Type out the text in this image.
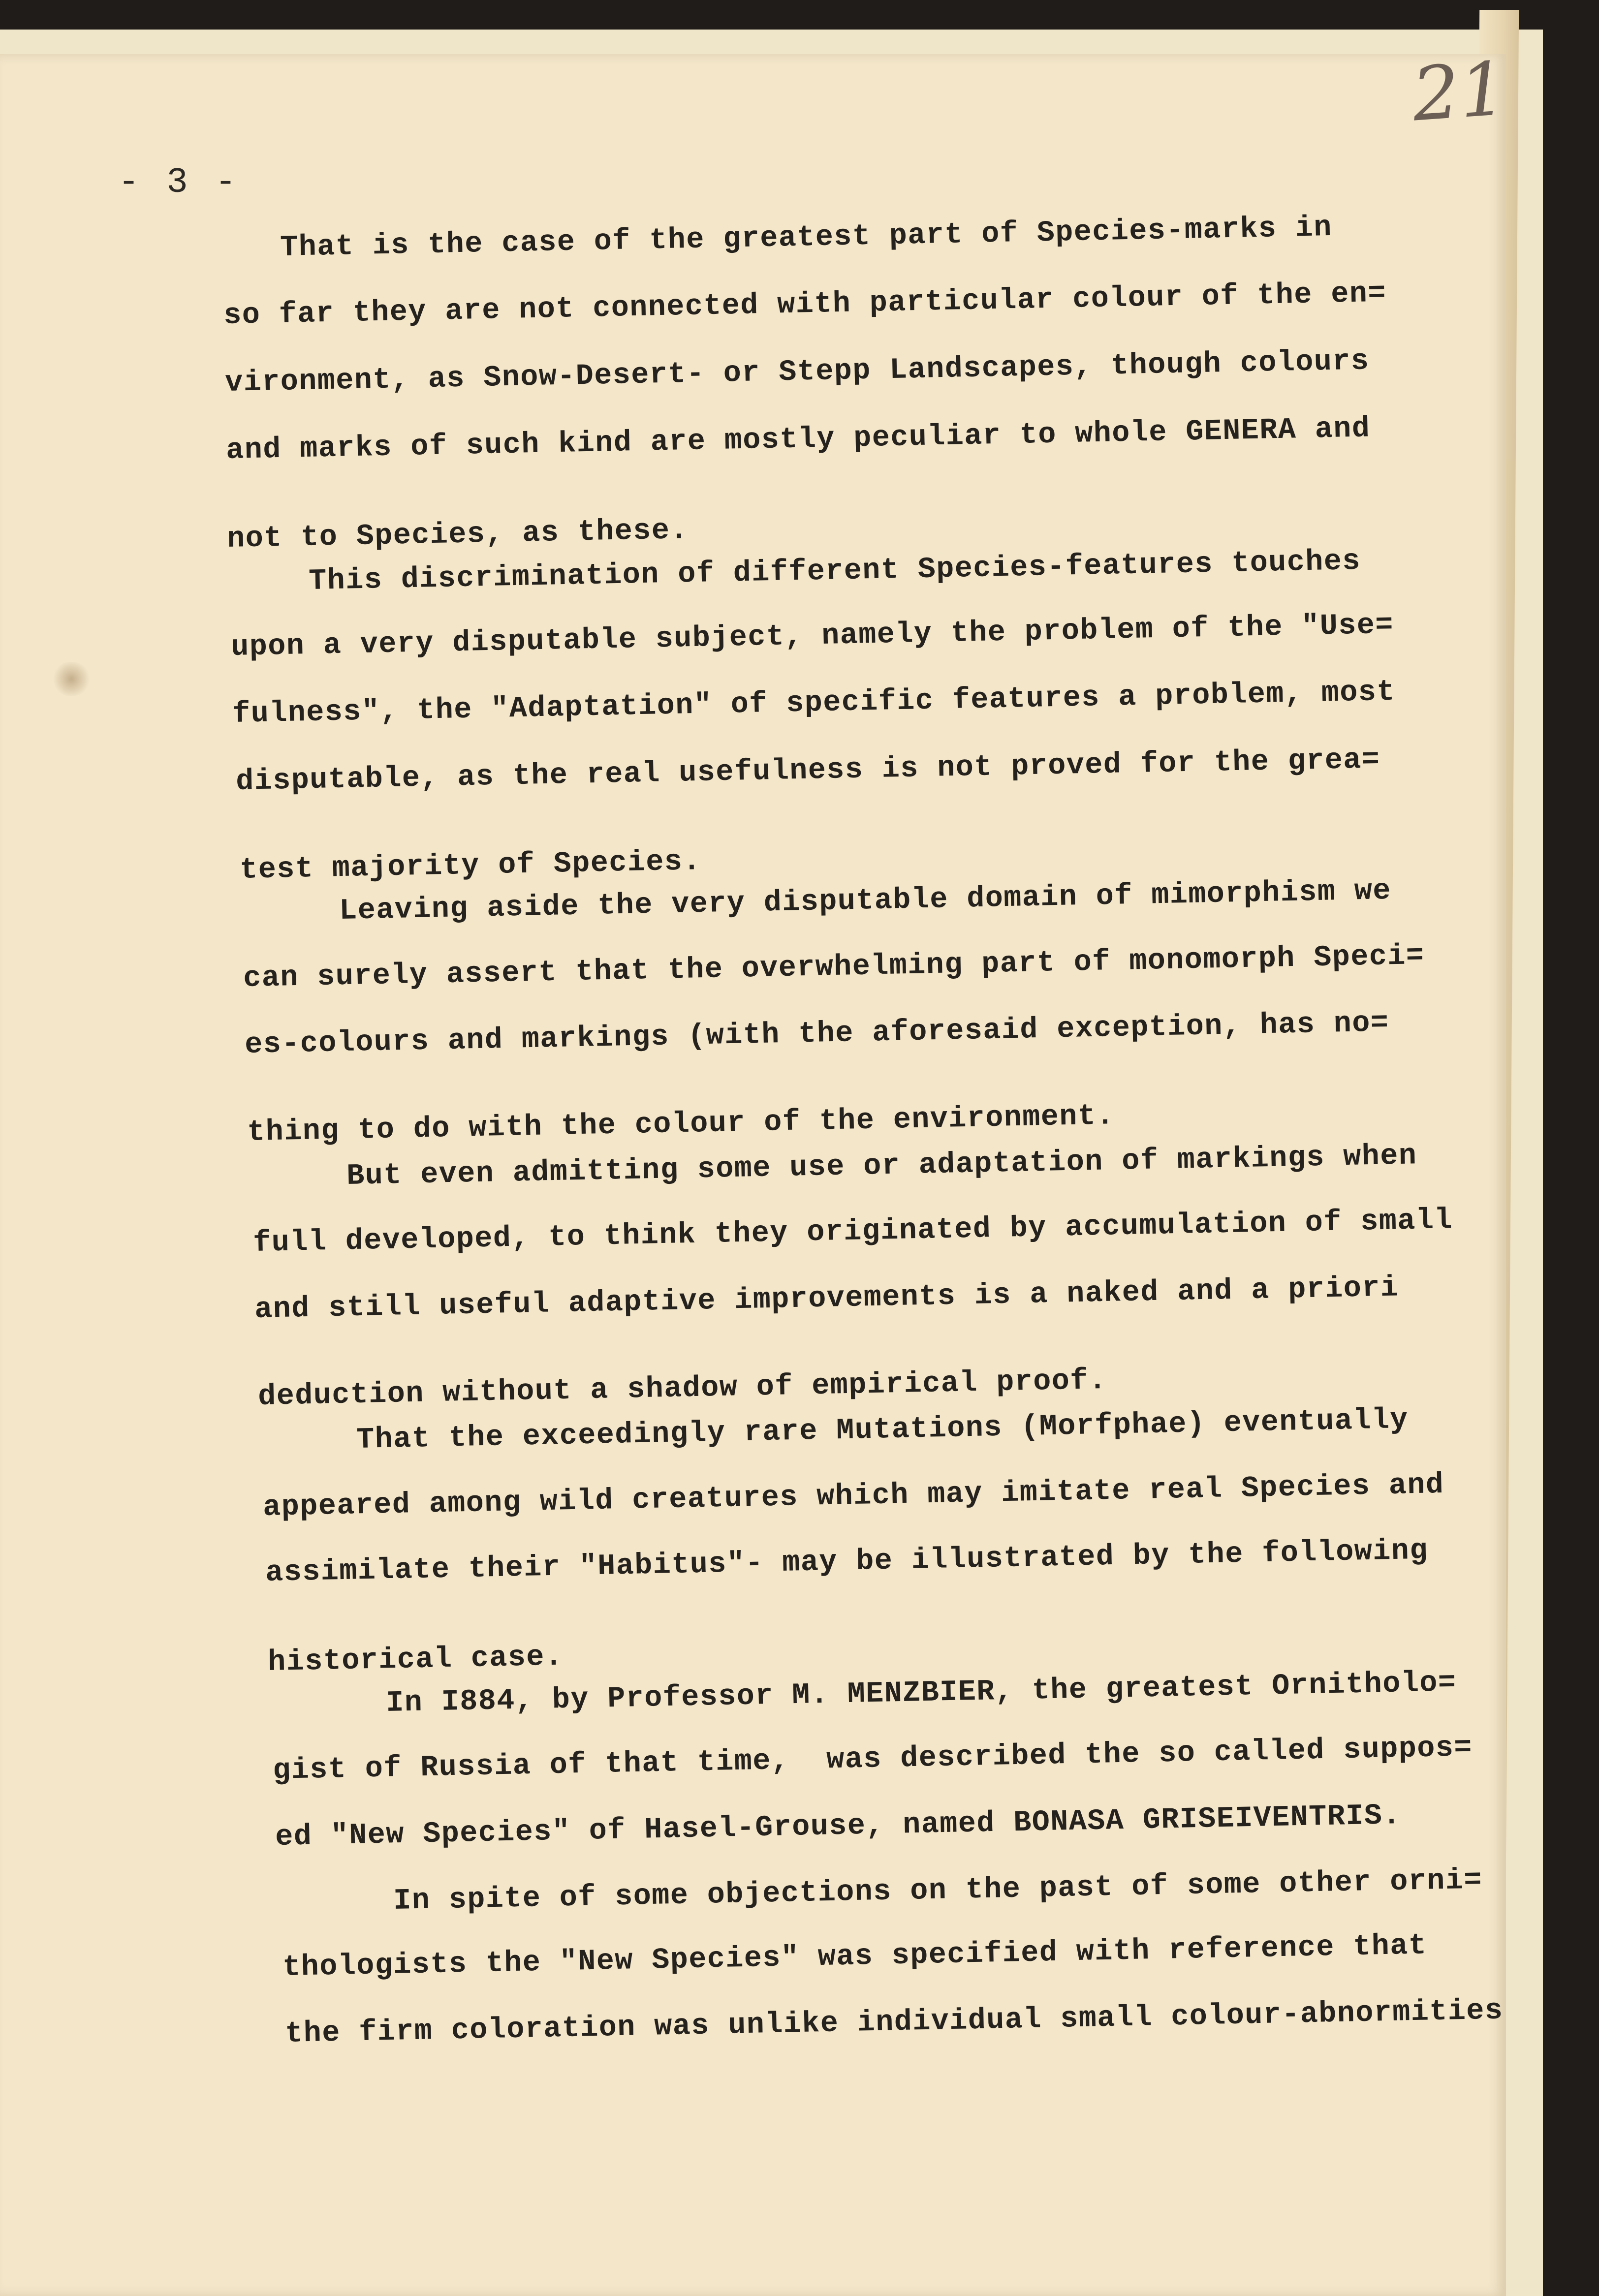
21
- 3 -
That is the case of the greatest part of Species-marks in
so far they are not connected with particular colour of the en=
vironment, as Snow-Desert- or Stepp Landscapes, though colours
and marks of such kind are mostly peculiar to whole GENERA and
not to Species, as these.
This discrimination of different Species-features touches
upon a very disputable subject, namely the problem of the "Use=
fulness", the "Adaptation" of specific features a problem, most
disputable, as the real usefulness is not proved for the grea=
test majority of Species.
Leaving aside the very disputable domain of mimorphism we
can surely assert that the overwhelming part of monomorph Speci=
es-colours and markings (with the aforesaid exception, has no=
thing to do with the colour of the environment.
But even admitting some use or adaptation of markings when
full developed, to think they originated by accumulation of small
and still useful adaptive improvements is a naked and a priori
deduction without a shadow of empirical proof.
That the exceedingly rare Mutations (Morfphae) eventually
appeared among wild creatures which may imitate real Species and
assimilate their "Habitus"- may be illustrated by the following
historical case.
In I884, by Professor M. MENZBIER, the greatest Ornitholo=
gist of Russia of that time,  was described the so called suppos=
ed "New Species" of Hasel-Grouse, named BONASA GRISEIVENTRIS.
In spite of some objections on the past of some other orni=
thologists the "New Species" was specified with reference that
the firm coloration was unlike individual small colour-abnormities
